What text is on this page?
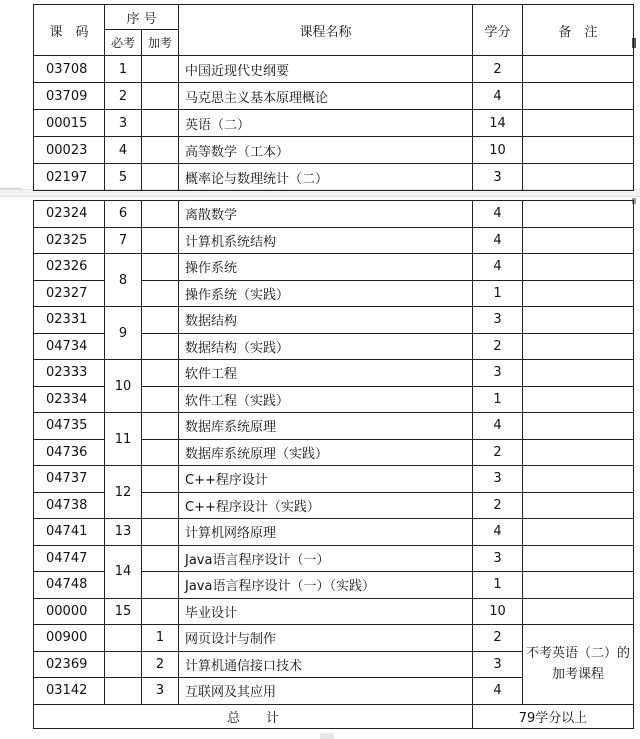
课　码	序 号		课程名称	学分	备　注
	必考	加考			
03708	1		中国近现代史纲要	2	
03709	2		马克思主义基本原理概论	4	
00015	3		英语（二）	14	
00023	4		高等数学（工本）	10	
02197	5		概率论与数理统计（二）	3	
02324	6		离散数学	4	
02325	7		计算机系统结构	4	
02326	8		操作系统	4	
02327			操作系统（实践）	1	
02331	9		数据结构	3	
04734			数据结构（实践）	2	
02333	10		软件工程	3	
02334			软件工程（实践）	1	
04735	11		数据库系统原理	4	
04736			数据库系统原理（实践）	2	
04737	12		C++程序设计	3	
04738			C++程序设计（实践）	2	
04741	13		计算机网络原理	4	
04747	14		Java语言程序设计（一）	3	
04748			Java语言程序设计（一）（实践）	1	
00000	15		毕业设计	10	
00900		1	网页设计与制作	2	不考英语（二）的加考课程
02369		2	计算机通信接口技术	3	
03142		3	互联网及其应用	4	
总　　计				79学分以上	
